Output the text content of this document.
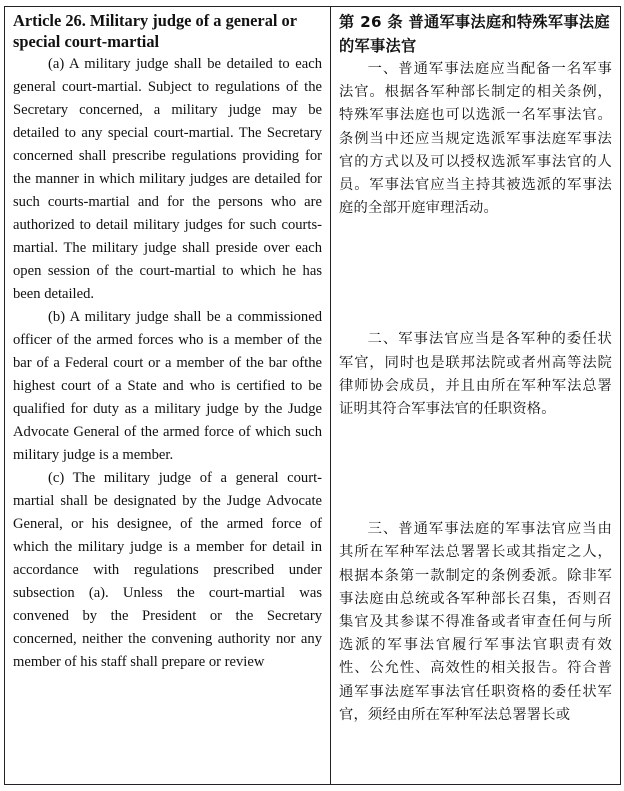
Article 26. Military judge of a general or special court-martial

(a) A military judge shall be detailed to each general court-martial. Subject to regulations of the Secretary concerned, a military judge may be detailed to any special court-martial. The Secretary concerned shall prescribe regulations providing for the manner in which military judges are detailed for such courts-martial and for the persons who are authorized to detail military judges for such courts-martial. The military judge shall preside over each open session of the court-martial to which he has been detailed.

(b) A military judge shall be a commissioned officer of the armed forces who is a member of the bar of a Federal court or a member of the bar ofthe highest court of a State and who is certified to be qualified for duty as a military judge by the Judge Advocate General of the armed force of which such military judge is a member.

(c) The military judge of a general court-martial shall be designated by the Judge Advocate General, or his designee, of the armed force of which the military judge is a member for detail in accordance with regulations prescribed under subsection (a). Unless the court-martial was convened by the President or the Secretary concerned, neither the convening authority nor any member of his staff shall prepare or review

第 26 条 普通军事法庭和特殊军事法庭的军事法官

一、普通军事法庭应当配备一名军事法官。根据各军种部长制定的相关条例，特殊军事法庭也可以选派一名军事法官。条例当中还应当规定选派军事法庭军事法官的方式以及可以授权选派军事法官的人员。军事法官应当主持其被选派的军事法庭的全部开庭审理活动。

二、军事法官应当是各军种的委任状军官，同时也是联邦法院或者州高等法院律师协会成员，并且由所在军种军法总署证明其符合军事法官的任职资格。

三、普通军事法庭的军事法官应当由其所在军种军法总署署长或其指定之人，根据本条第一款制定的条例委派。除非军事法庭由总统或各军种部长召集，否则召集官及其参谋不得准备或者审查任何与所选派的军事法官履行军事法官职责有效性、公允性、高效性的相关报告。符合普通军事法庭军事法官任职资格的委任状军官，须经由所在军种军法总署署长或
